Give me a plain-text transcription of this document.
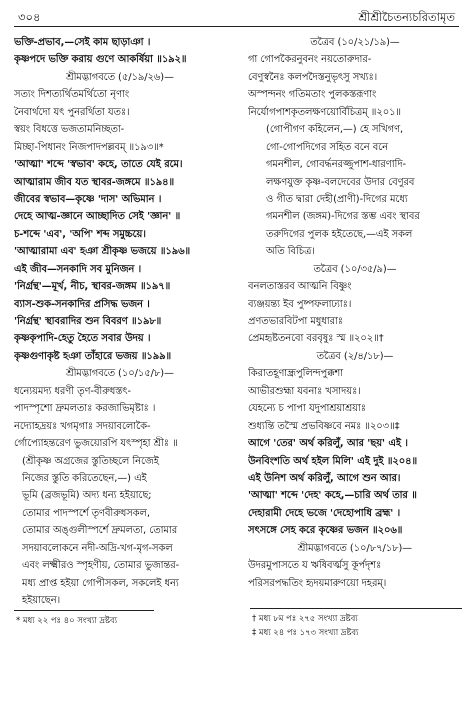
৩০৪	শ্রীশ্রীচৈতন্যচরিতামৃত
ভক্তি-প্রভাব,—সেই কাম ছাড়াঞা ।
কৃষ্ণপদে ভক্তি করায় গুণে আকর্ষিয়া ॥১৯২॥
শ্রীমদ্ভাগবতে (৫/১৯/২৬)—
সত্যং দিশত্যর্থিতমর্থিতো নৃণাং
নৈবার্থদো যৎ পুনরর্থিতা যতঃ।
স্বয়ং বিধত্তে ভজতামনিচ্ছতা-
মিচ্ছা-পিধানং নিজপাদপল্লবম্ ॥১৯৩॥*
'আত্মা' শব্দে 'স্বভাব' কহে, তাতে যেই রমে।
আত্মারাম জীব যত স্থাবর-জঙ্গমে ॥১৯৪॥
জীবের স্বভাব—কৃষ্ণে 'দাস' অভিমান ।
দেহে আত্ম-জ্ঞানে আচ্ছাদিত সেই 'জ্ঞান' ॥
চ-শব্দে 'এব', 'অপি' শব্দ সমুচ্চয়ে।
'আত্মারামা এব' হঞা শ্রীকৃষ্ণ ভজয়ে ॥১৯৬॥
এই জীব—সনকাদি সব মুনিজন ।
'নির্গ্রন্থ'—মূর্খ, নীচ, স্থাবর-জঙ্গম ॥১৯৭॥
ব্যাস-শুক-সনকাদির প্রসিদ্ধ ভজন ।
'নির্গ্রন্থ' স্থাবরাদির শুন বিবরণ ॥১৯৮॥
কৃষ্ণকৃপাদি-হেতু হৈতে সবার উদয় ।
কৃষ্ণগুণাকৃষ্ট হঞা তাঁহারে ভজয় ॥১৯৯॥
শ্রীমদ্ভাগবতে (১০/১৫/৮)—
ধন্যেয়মদ্য ধরণী তৃণ-বীরুধস্তৎ-
পাদস্পৃশো দ্রুমলতাঃ করজাভিমৃষ্টাঃ ।
নদ্যোহদ্রয়ঃ খগমৃগাঃ সদয়াবলোকৈ-
র্গোপ্যোহন্তরেণ ভুজয়োরপি যৎস্পৃহা শ্রীঃ ॥
(শ্রীকৃষ্ণ অগ্রজের স্তুতিচ্ছলে নিজেই
নিজের স্তুতি করিতেছেন,—) এই
ভূমি (ব্রজভূমি) অদ্য ধন্য হইয়াছে;
তোমার পাদস্পর্শে তৃণবীরুধসকল,
তোমার অঙ্গুলীস্পর্শে দ্রুমলতা, তোমার
সদয়াবলোকনে নদী-অদ্রি-খগ-মৃগ-সকল
এবং লক্ষ্মীরও স্পৃহণীয়, তোমার ভুজান্তর-
মধ্য প্রাপ্ত হইয়া গোপীসকল, সকলেই ধন্য
হইয়াছেন।
তত্রৈব (১০/২১/১৯)—
গা গোপকৈরনুবনং নয়তোরুদার-
বেণুস্বনৈঃ কলপদৈস্তনুভৃৎসু সখ্যঃ।
অস্পন্দনং গতিমতাং পুলকস্তরূণাং
নির্যোগপাশকৃতলক্ষণয়োর্বিচিত্রম্ ॥২০১॥
(গোপীগণ কহিলেন,—) হে সখিগণ,
গো-গোপদিগের সহিত বনে বনে
গমনশীল, গোবর্দ্ধনরজ্জুপাশ-ধারণাদি-
লক্ষণযুক্ত কৃষ্ণ-বলদেবের উদার বেণুরব
ও গীত দ্বারা দেহী(প্রাণী)-দিগের মধ্যে
গমনশীল (জঙ্গম)-দিগের স্তম্ভ এবং স্থাবর
তরুদিগের পুলক হইতেছে,—এই সকল
অতি বিচিত্র।
তত্রৈব (১০/৩৫/৯)—
বনলতাস্তরব আত্মনি বিষ্ণুং
ব্যঞ্জয়ন্ত্য ইব পুষ্পফলাঢ্যাঃ।
প্রণতভারবিটপা মধুধারাঃ
প্রেমহৃষ্টতনবো বরবৃষুঃ স্ম ॥২০২॥†
তত্রৈব (২/৪/১৮)—
কিরাতহূণান্ধ্রপুলিন্দপুক্কশা
আভীরশুহ্মা যবনাঃ খসাদয়ঃ।
যেহন্যে চ পাপা যদুপাশ্রয়াশ্রয়াঃ
শুধ্যন্তি তস্মৈ প্রভবিষ্ণবে নমঃ ॥২০৩॥‡
আগে 'তের' অর্থ করিলুঁ, আর 'ছয়' এই ।
উনবিংশতি অর্থ হইল মিলি' এই দুই ॥২০৪॥
এই উনিশ অর্থ করিলুঁ, আগে শুন আর।
'আত্মা' শব্দে 'দেহ' কহে,—চারি অর্থ তার ॥
দেহারামী দেহে ভজে 'দেহোপাধি ব্রহ্ম' ।
সৎসঙ্গে সেহ করে কৃষ্ণের ভজন ॥২০৬॥
শ্রীমদ্ভাগবতে (১০/৮৭/১৮)—
উদরমুপাসতে য ঋষিবর্ত্মসু কূর্পদৃশঃ
পরিসরপদ্ধতিং হৃদয়মারুণয়ো দহরম্।
* মধ্য ২২ পঃ ৪০ সংখ্যা দ্রষ্টব্য	† মধ্য ৮ম পঃ ২৭৫ সংখ্যা দ্রষ্টব্য
‡ মধ্য ২৪ পঃ ১৭৩ সংখ্যা দ্রষ্টব্য
